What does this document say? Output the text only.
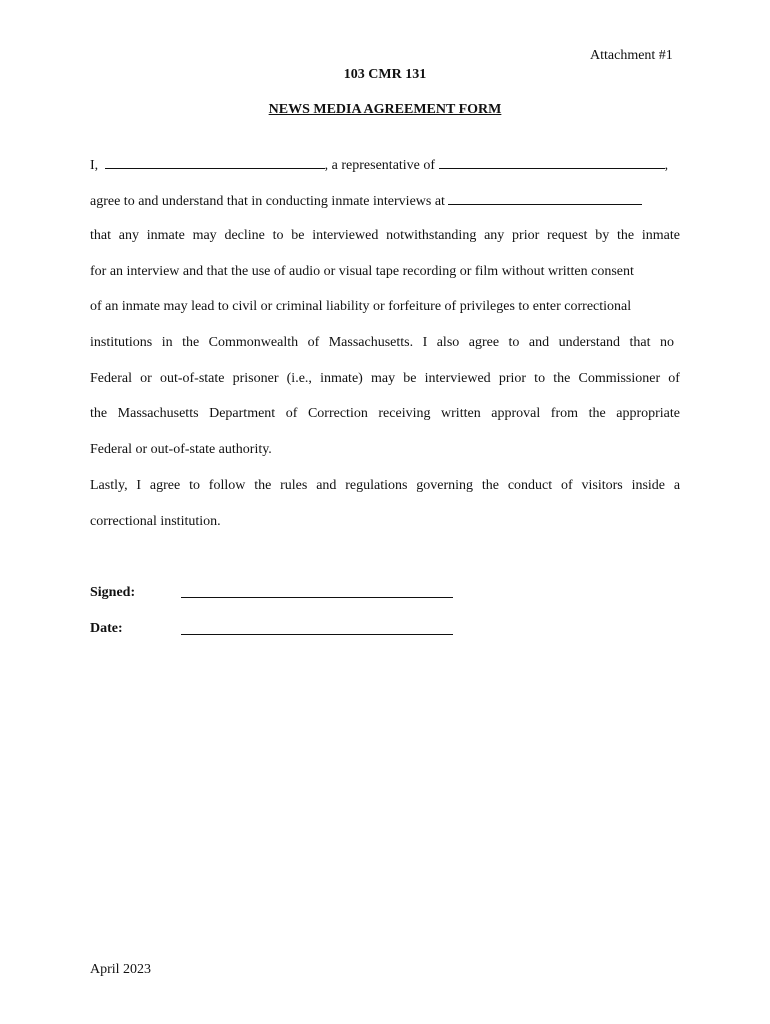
Attachment #1
103 CMR 131
NEWS MEDIA AGREEMENT FORM
I,	, a representative of	,
agree to and understand that in conducting inmate interviews at
that any inmate may decline to be interviewed notwithstanding any prior request by the inmate
for an interview and that the use of audio or visual tape recording or film without written consent
of an inmate may lead to civil or criminal liability or forfeiture of privileges to enter correctional
institutions in the Commonwealth of Massachusetts. I also agree to and understand that no
Federal or out-of-state prisoner (i.e., inmate) may be interviewed prior to the Commissioner of
the Massachusetts Department of Correction receiving written approval from the appropriate
Federal or out-of-state authority.
Lastly, I agree to follow the rules and regulations governing the conduct of visitors inside a
correctional institution.
Signed:
Date:
April 2023
